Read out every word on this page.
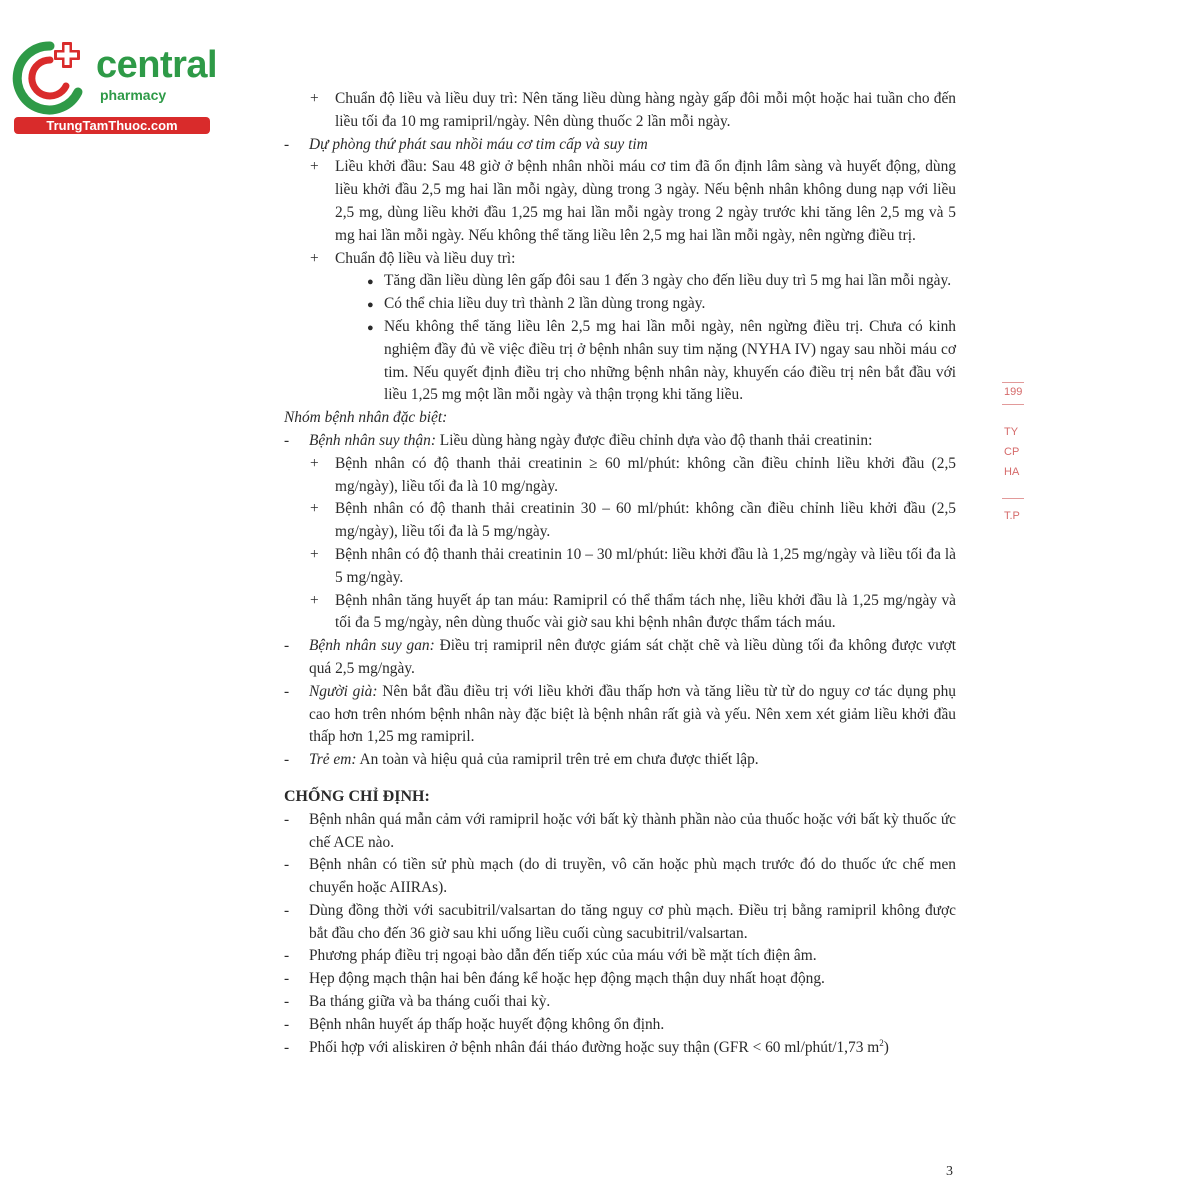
central
pharmacy
TrungTamThuoc.com
199
TY
CP
HA
T.P
+ Chuẩn độ liều và liều duy trì: Nên tăng liều dùng hàng ngày gấp đôi mỗi một hoặc hai tuần cho đến liều tối đa 10 mg ramipril/ngày. Nên dùng thuốc 2 lần mỗi ngày.
- Dự phòng thứ phát sau nhồi máu cơ tim cấp và suy tim
+ Liều khởi đầu: Sau 48 giờ ở bệnh nhân nhồi máu cơ tim đã ổn định lâm sàng và huyết động, dùng liều khởi đầu 2,5 mg hai lần mỗi ngày, dùng trong 3 ngày. Nếu bệnh nhân không dung nạp với liều 2,5 mg, dùng liều khởi đầu 1,25 mg hai lần mỗi ngày trong 2 ngày trước khi tăng lên 2,5 mg và 5 mg hai lần mỗi ngày. Nếu không thể tăng liều lên 2,5 mg hai lần mỗi ngày, nên ngừng điều trị.
+ Chuẩn độ liều và liều duy trì:
● Tăng dần liều dùng lên gấp đôi sau 1 đến 3 ngày cho đến liều duy trì 5 mg hai lần mỗi ngày.
● Có thể chia liều duy trì thành 2 lần dùng trong ngày.
● Nếu không thể tăng liều lên 2,5 mg hai lần mỗi ngày, nên ngừng điều trị. Chưa có kinh nghiệm đầy đủ về việc điều trị ở bệnh nhân suy tim nặng (NYHA IV) ngay sau nhồi máu cơ tim. Nếu quyết định điều trị cho những bệnh nhân này, khuyến cáo điều trị nên bắt đầu với liều 1,25 mg một lần mỗi ngày và thận trọng khi tăng liều.
Nhóm bệnh nhân đặc biệt:
- Bệnh nhân suy thận: Liều dùng hàng ngày được điều chỉnh dựa vào độ thanh thải creatinin:
+ Bệnh nhân có độ thanh thải creatinin ≥ 60 ml/phút: không cần điều chỉnh liều khởi đầu (2,5 mg/ngày), liều tối đa là 10 mg/ngày.
+ Bệnh nhân có độ thanh thải creatinin 30 – 60 ml/phút: không cần điều chỉnh liều khởi đầu (2,5 mg/ngày), liều tối đa là 5 mg/ngày.
+ Bệnh nhân có độ thanh thải creatinin 10 – 30 ml/phút: liều khởi đầu là 1,25 mg/ngày và liều tối đa là 5 mg/ngày.
+ Bệnh nhân tăng huyết áp tan máu: Ramipril có thể thẩm tách nhẹ, liều khởi đầu là 1,25 mg/ngày và tối đa 5 mg/ngày, nên dùng thuốc vài giờ sau khi bệnh nhân được thẩm tách máu.
- Bệnh nhân suy gan: Điều trị ramipril nên được giám sát chặt chẽ và liều dùng tối đa không được vượt quá 2,5 mg/ngày.
- Người già: Nên bắt đầu điều trị với liều khởi đầu thấp hơn và tăng liều từ từ do nguy cơ tác dụng phụ cao hơn trên nhóm bệnh nhân này đặc biệt là bệnh nhân rất già và yếu. Nên xem xét giảm liều khởi đầu thấp hơn 1,25 mg ramipril.
- Trẻ em: An toàn và hiệu quả của ramipril trên trẻ em chưa được thiết lập.
CHỐNG CHỈ ĐỊNH:
- Bệnh nhân quá mẫn cảm với ramipril hoặc với bất kỳ thành phần nào của thuốc hoặc với bất kỳ thuốc ức chế ACE nào.
- Bệnh nhân có tiền sử phù mạch (do di truyền, vô căn hoặc phù mạch trước đó do thuốc ức chế men chuyển hoặc AIIRAs).
- Dùng đồng thời với sacubitril/valsartan do tăng nguy cơ phù mạch. Điều trị bằng ramipril không được bắt đầu cho đến 36 giờ sau khi uống liều cuối cùng sacubitril/valsartan.
- Phương pháp điều trị ngoại bào dẫn đến tiếp xúc của máu với bề mặt tích điện âm.
- Hẹp động mạch thận hai bên đáng kể hoặc hẹp động mạch thận duy nhất hoạt động.
- Ba tháng giữa và ba tháng cuối thai kỳ.
- Bệnh nhân huyết áp thấp hoặc huyết động không ổn định.
- Phối hợp với aliskiren ở bệnh nhân đái tháo đường hoặc suy thận (GFR < 60 ml/phút/1,73 $m^2$)
3
